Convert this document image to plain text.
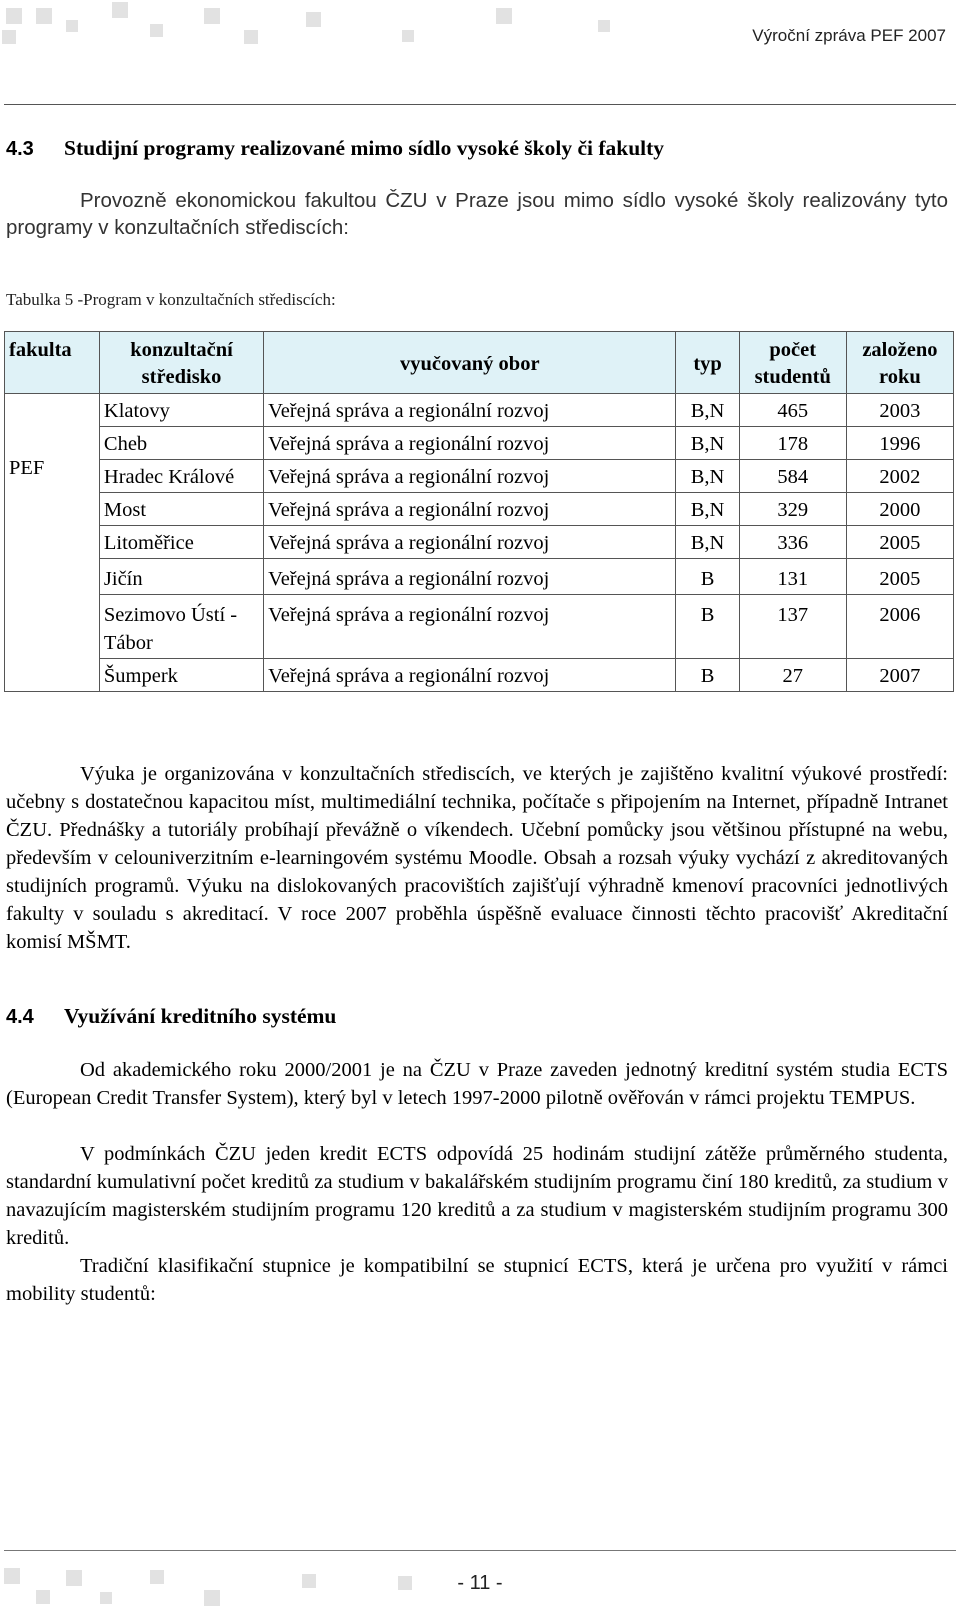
Výroční zpráva PEF 2007
4.3 Studijní programy realizované mimo sídlo vysoké školy či fakulty

Provozně ekonomickou fakultou ČZU v Praze jsou mimo sídlo vysoké školy realizovány tyto programy v konzultačních střediscích:

Tabulka 5 -Program v konzultačních střediscích:
fakulta	konzultační středisko	vyučovaný obor	typ	počet studentů	založeno roku
PEF	Klatovy	Veřejná správa a regionální rozvoj	B,N	465	2003
	Cheb	Veřejná správa a regionální rozvoj	B,N	178	1996
	Hradec Králové	Veřejná správa a regionální rozvoj	B,N	584	2002
	Most	Veřejná správa a regionální rozvoj	B,N	329	2000
	Litoměřice	Veřejná správa a regionální rozvoj	B,N	336	2005
	Jičín	Veřejná správa a regionální rozvoj	B	131	2005
	Sezimovo Ústí -Tábor	Veřejná správa a regionální rozvoj	B	137	2006
	Šumperk	Veřejná správa a regionální rozvoj	B	27	2007

Výuka je organizována v konzultačních střediscích, ve kterých je zajištěno kvalitní výukové prostředí: učebny s dostatečnou kapacitou míst, multimediální technika, počítače s připojením na Internet, případně Intranet ČZU. Přednášky a tutoriály probíhají převážně o víkendech. Učební pomůcky jsou většinou přístupné na webu, především v celouniverzitním e-learningovém systému Moodle. Obsah a rozsah výuky vychází z akreditovaných studijních programů. Výuku na dislokovaných pracovištích zajišťují výhradně kmenoví pracovníci jednotlivých fakulty v souladu s akreditací. V roce 2007 proběhla úspěšně evaluace činnosti těchto pracovišť Akreditační komisí MŠMT.

4.4 Využívání kreditního systému

Od akademického roku 2000/2001 je na ČZU v Praze zaveden jednotný kreditní systém studia ECTS (European Credit Transfer System), který byl v letech 1997-2000 pilotně ověřován v rámci projektu TEMPUS.

V podmínkách ČZU jeden kredit ECTS odpovídá 25 hodinám studijní zátěže průměrného studenta, standardní kumulativní počet kreditů za studium v bakalářském studijním programu činí 180 kreditů, za studium v navazujícím magisterském studijním programu 120 kreditů a za studium v magisterském studijním programu 300 kreditů.

Tradiční klasifikační stupnice je kompatibilní se stupnicí ECTS, která je určena pro využití v rámci mobility studentů:

- 11 -
